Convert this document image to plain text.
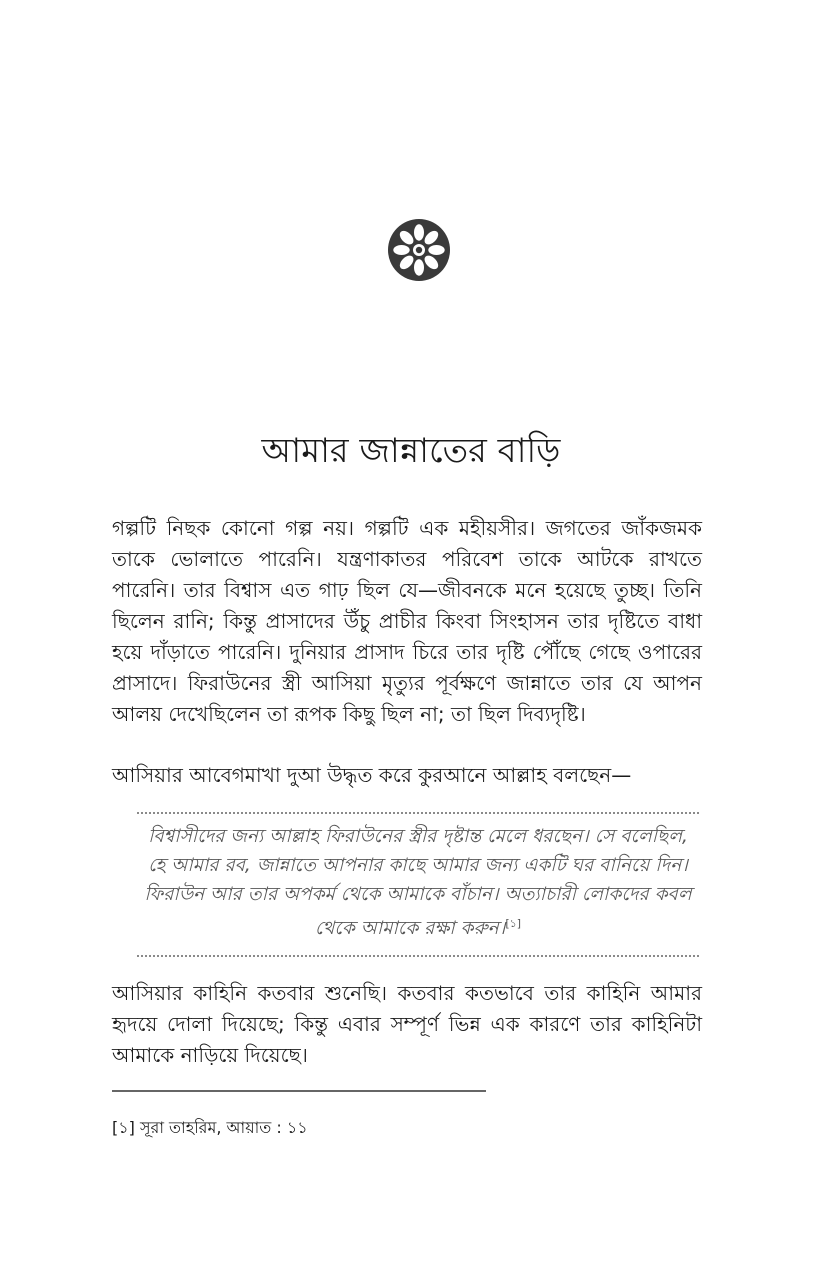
আমার জান্নাতের বাড়ি

গল্পটি নিছক কোনো গল্প নয়। গল্পটি এক মহীয়সীর। জগতের জাঁকজমক তাকে ভোলাতে পারেনি। যন্ত্রণাকাতর পরিবেশ তাকে আটকে রাখতে পারেনি। তার বিশ্বাস এত গাঢ় ছিল যে—জীবনকে মনে হয়েছে তুচ্ছ। তিনি ছিলেন রানি; কিন্তু প্রাসাদের উঁচু প্রাচীর কিংবা সিংহাসন তার দৃষ্টিতে বাধা হয়ে দাঁড়াতে পারেনি। দুনিয়ার প্রাসাদ চিরে তার দৃষ্টি পৌঁছে গেছে ওপারের প্রাসাদে। ফিরাউনের স্ত্রী আসিয়া মৃত্যুর পূর্বক্ষণে জান্নাতে তার যে আপন আলয় দেখেছিলেন তা রূপক কিছু ছিল না; তা ছিল দিব্যদৃষ্টি।

আসিয়ার আবেগমাখা দুআ উদ্ধৃত করে কুরআনে আল্লাহ বলছেন—

বিশ্বাসীদের জন্য আল্লাহ ফিরাউনের স্ত্রীর দৃষ্টান্ত মেলে ধরছেন। সে বলেছিল, হে আমার রব, জান্নাতে আপনার কাছে আমার জন্য একটি ঘর বানিয়ে দিন। ফিরাউন আর তার অপকর্ম থেকে আমাকে বাঁচান। অত্যাচারী লোকদের কবল থেকে আমাকে রক্ষা করুন।[১]

আসিয়ার কাহিনি কতবার শুনেছি। কতবার কতভাবে তার কাহিনি আমার হৃদয়ে দোলা দিয়েছে; কিন্তু এবার সম্পূর্ণ ভিন্ন এক কারণে তার কাহিনিটা আমাকে নাড়িয়ে দিয়েছে।

[১] সূরা তাহরিম, আয়াত : ১১
